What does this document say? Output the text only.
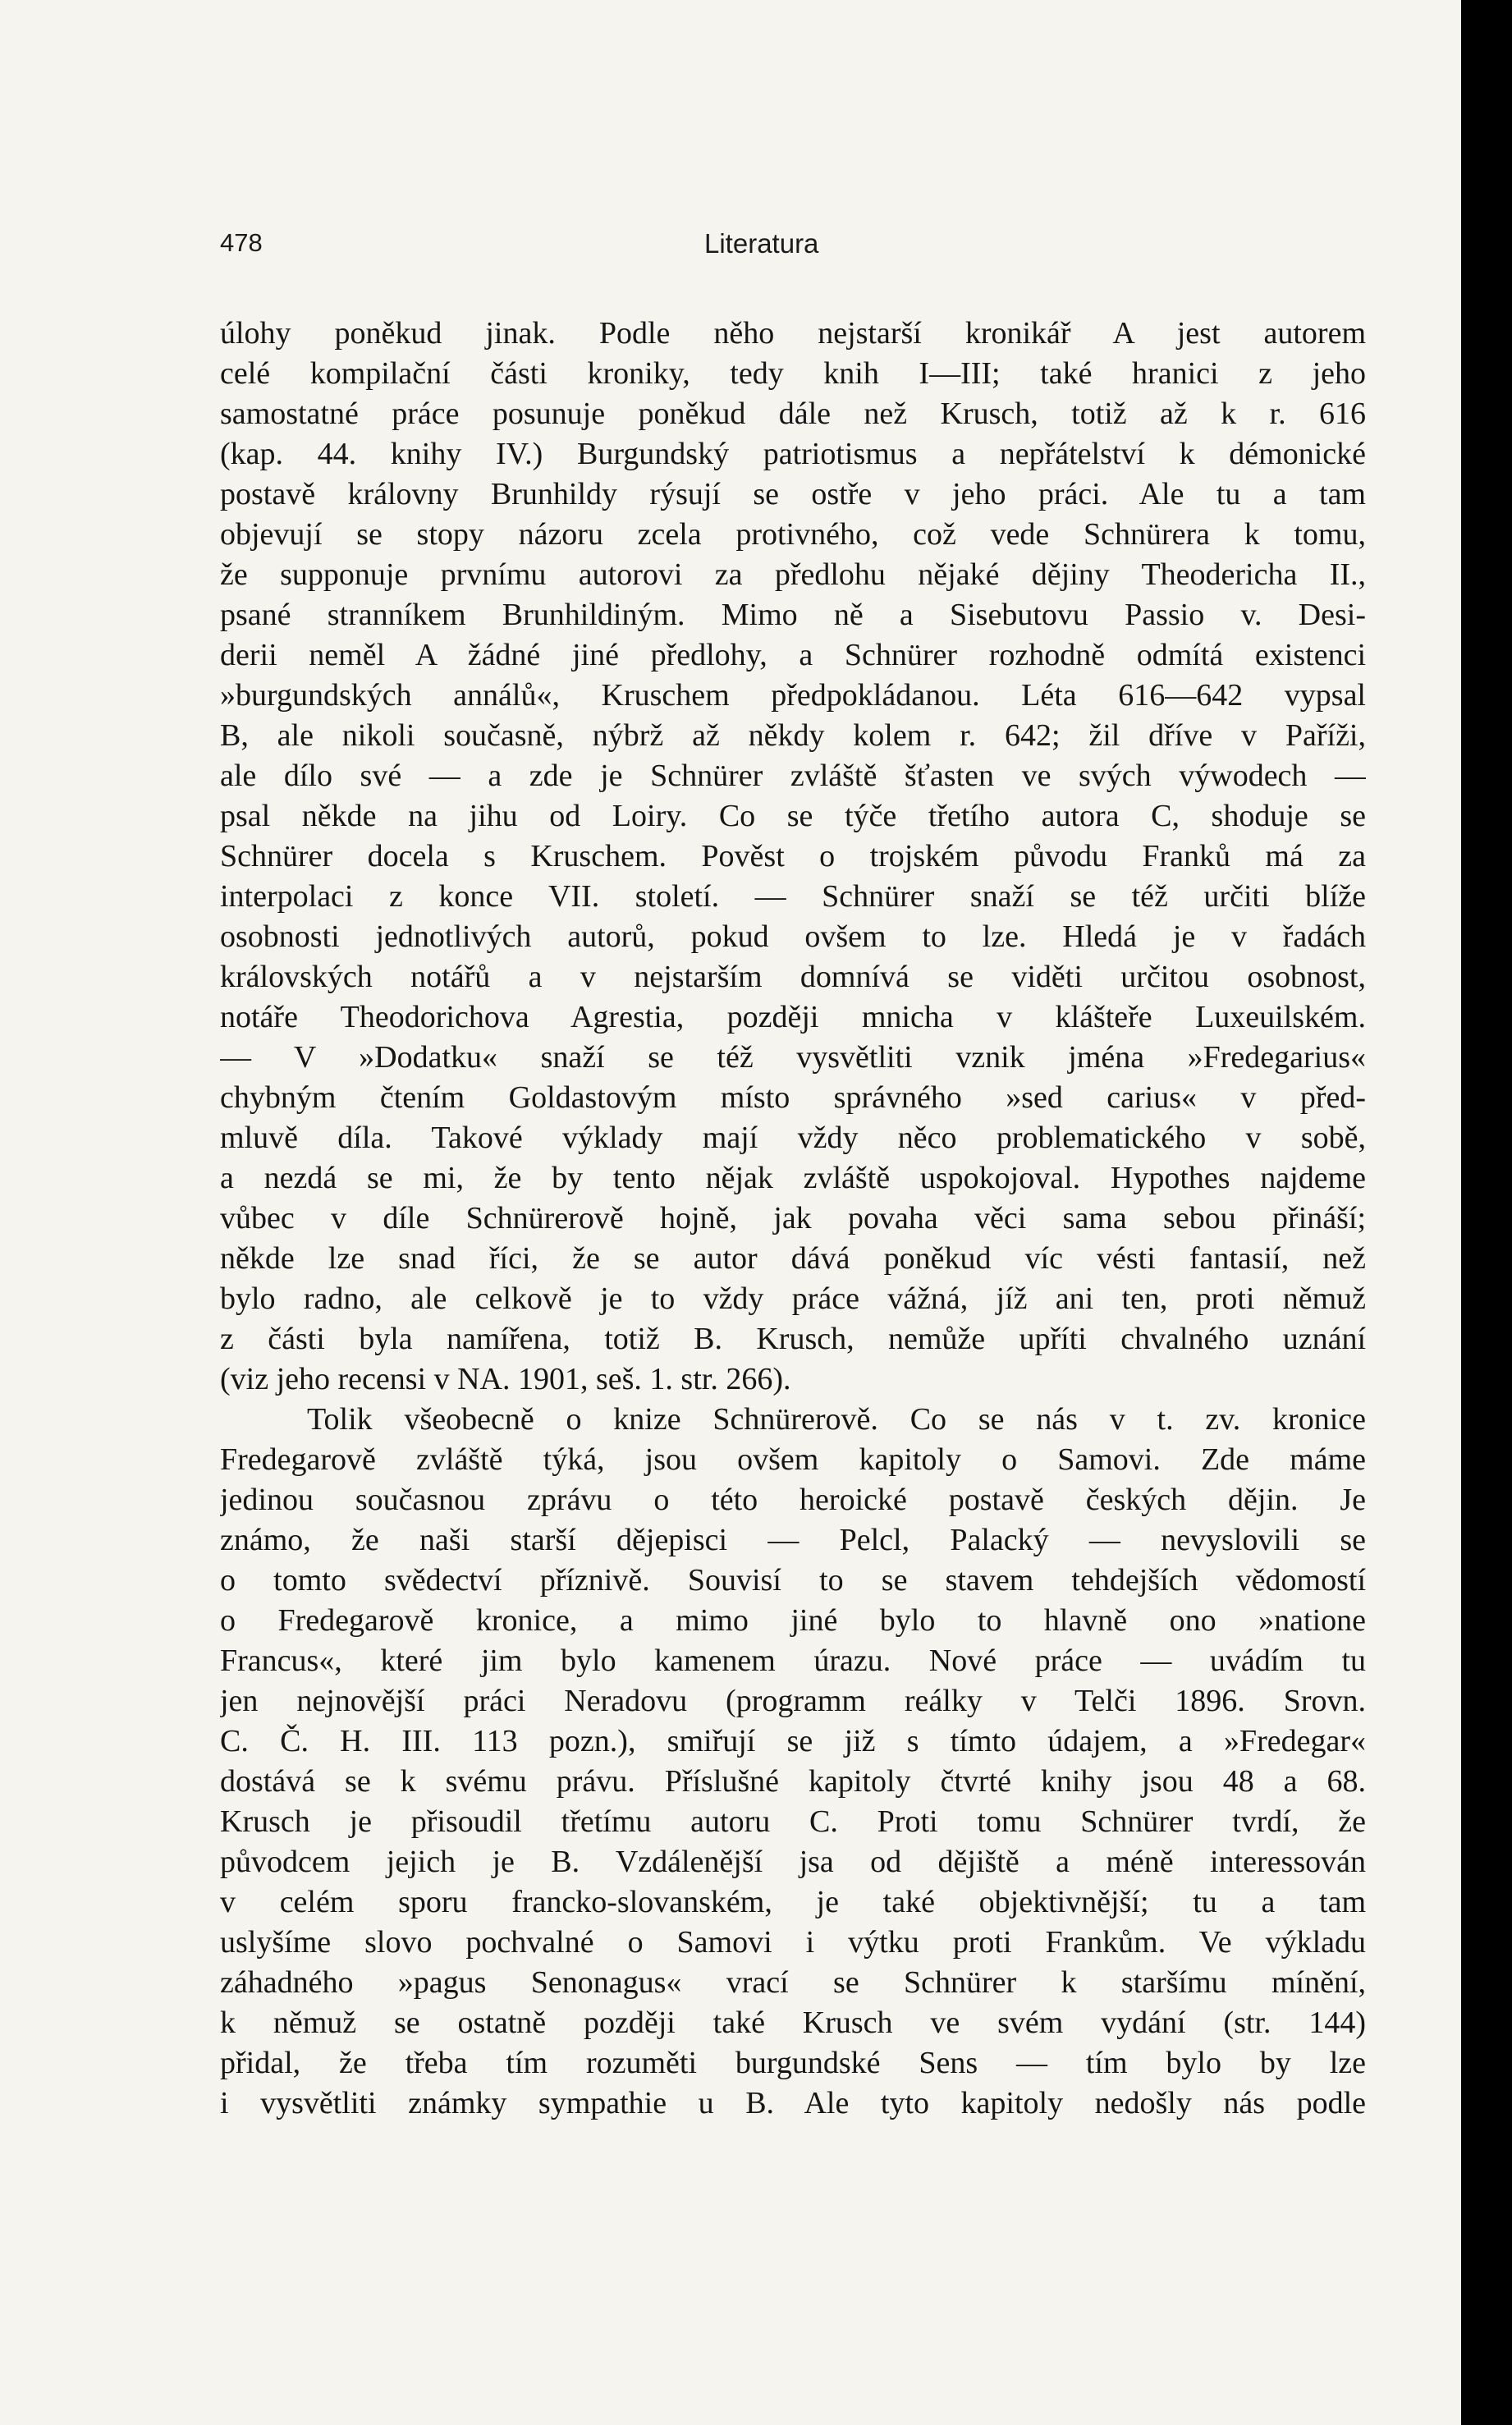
478	Literatura
úlohy poněkud jinak. Podle něho nejstarší kronikář A jest autorem
celé kompilační části kroniky, tedy knih I—III; také hranici z jeho
samostatné práce posunuje poněkud dále než Krusch, totiž až k r. 616
(kap. 44. knihy IV.) Burgundský patriotismus a nepřátelství k démonické
postavě královny Brunhildy rýsují se ostře v jeho práci. Ale tu a tam
objevují se stopy názoru zcela protivného, což vede Schnürera k tomu,
že supponuje prvnímu autorovi za předlohu nějaké dějiny Theodericha II.,
psané stranníkem Brunhildiným. Mimo ně a Sisebutovu Passio v. Desi-
derii neměl A žádné jiné předlohy, a Schnürer rozhodně odmítá existenci
»burgundských annálů«, Kruschem předpokládanou. Léta 616—642 vypsal
B, ale nikoli současně, nýbrž až někdy kolem r. 642; žil dříve v Paříži,
ale dílo své — a zde je Schnürer zvláště šťasten ve svých výwodech —
psal někde na jihu od Loiry. Co se týče třetího autora C, shoduje se
Schnürer docela s Kruschem. Pověst o trojském původu Franků má za
interpolaci z konce VII. století. — Schnürer snaží se též určiti blíže
osobnosti jednotlivých autorů, pokud ovšem to lze. Hledá je v řadách
královských notářů a v nejstarším domnívá se viděti určitou osobnost,
notáře Theodorichova Agrestia, později mnicha v klášteře Luxeuilském.
— V »Dodatku« snaží se též vysvětliti vznik jména »Fredegarius«
chybným čtením Goldastovým místo správného »sed carius« v před-
mluvě díla. Takové výklady mají vždy něco problematického v sobě,
a nezdá se mi, že by tento nějak zvláště uspokojoval. Hypothes najdeme
vůbec v díle Schnürerově hojně, jak povaha věci sama sebou přináší;
někde lze snad říci, že se autor dává poněkud víc vésti fantasií, než
bylo radno, ale celkově je to vždy práce vážná, jíž ani ten, proti němuž
z části byla namířena, totiž B. Krusch, nemůže upříti chvalného uznání
(viz jeho recensi v NA. 1901, seš. 1. str. 266).
Tolik všeobecně o knize Schnürerově. Co se nás v t. zv. kronice
Fredegarově zvláště týká, jsou ovšem kapitoly o Samovi. Zde máme
jedinou současnou zprávu o této heroické postavě českých dějin. Je
známo, že naši starší dějepisci — Pelcl, Palacký — nevyslovili se
o tomto svědectví příznivě. Souvisí to se stavem tehdejších vědomostí
o Fredegarově kronice, a mimo jiné bylo to hlavně ono »natione
Francus«, které jim bylo kamenem úrazu. Nové práce — uvádím tu
jen nejnovější práci Neradovu (programm reálky v Telči 1896. Srovn.
C. Č. H. III. 113 pozn.), smiřují se již s tímto údajem, a »Fredegar«
dostává se k svému právu. Příslušné kapitoly čtvrté knihy jsou 48 a 68.
Krusch je přisoudil třetímu autoru C. Proti tomu Schnürer tvrdí, že
původcem jejich je B. Vzdálenější jsa od dějiště a méně interessován
v celém sporu francko-slovanském, je také objektivnější; tu a tam
uslyšíme slovo pochvalné o Samovi i výtku proti Frankům. Ve výkladu
záhadného »pagus Senonagus« vrací se Schnürer k staršímu mínění,
k němuž se ostatně později také Krusch ve svém vydání (str. 144)
přidal, že třeba tím rozuměti burgundské Sens — tím bylo by lze
i vysvětliti známky sympathie u B. Ale tyto kapitoly nedošly nás podle
